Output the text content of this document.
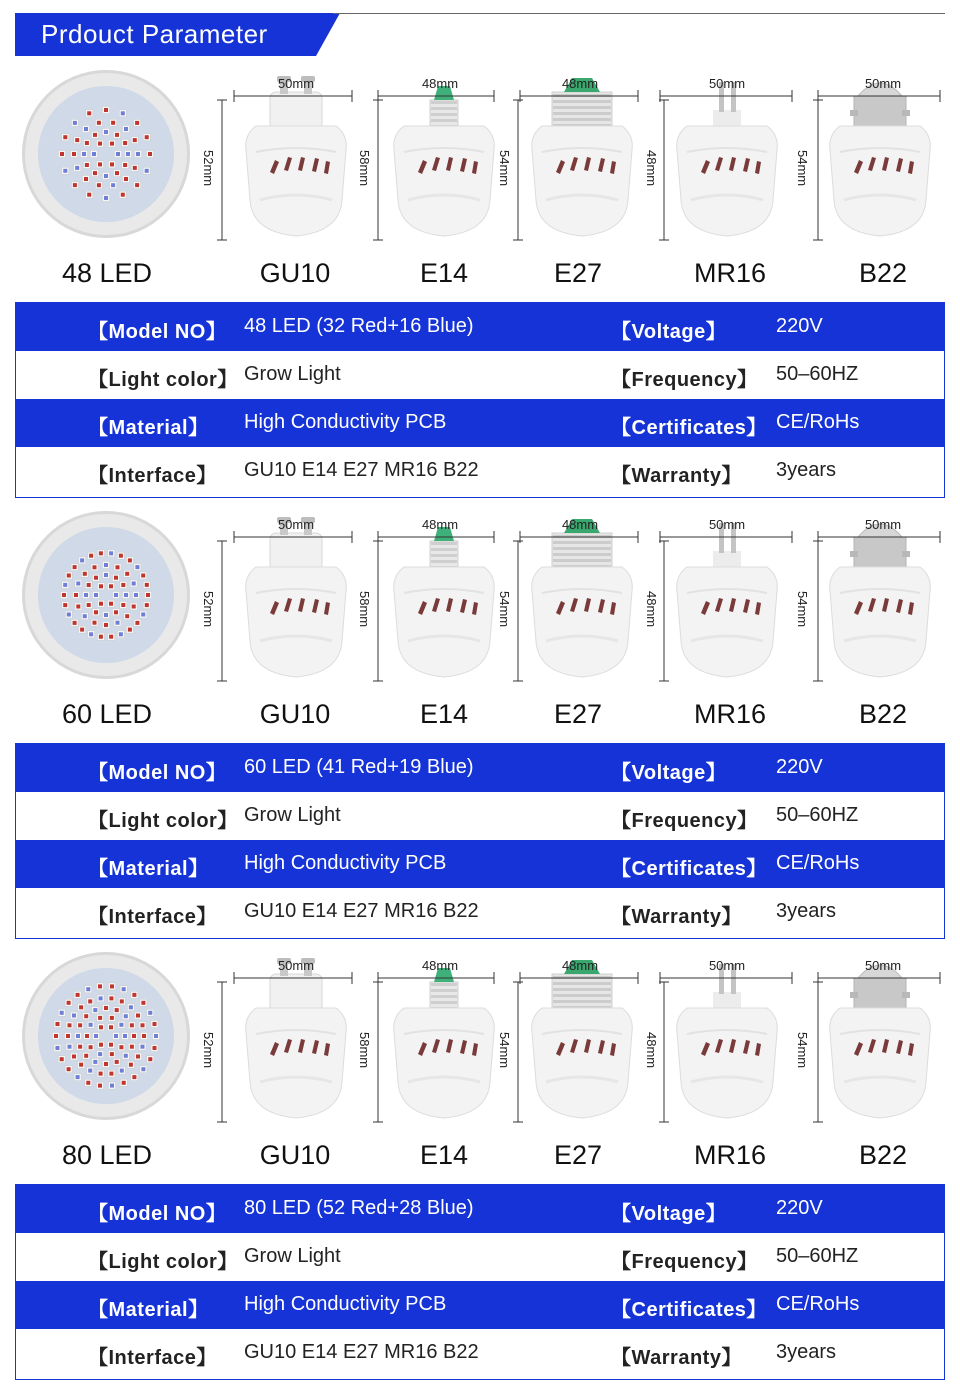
Prdouct Parameter
48 LED
50mm
52mm
GU10
48mm
58mm
E14
48mm
54mm
E27
50mm
48mm
MR16
50mm
54mm
B22
【Model NO】 48 LED (32 Red+16 Blue)	【Voltage】 220V
【Light color】 Grow Light	【Frequency】 50–60HZ
【Material】 High Conductivity PCB	【Certificates】 CE/RoHs
【Interface】 GU10 E14 E27 MR16 B22	【Warranty】 3years
60 LED
50mm
52mm
GU10
48mm
58mm
E14
48mm
54mm
E27
50mm
48mm
MR16
50mm
54mm
B22
【Model NO】 60 LED (41 Red+19 Blue)	【Voltage】 220V
【Light color】 Grow Light	【Frequency】 50–60HZ
【Material】 High Conductivity PCB	【Certificates】 CE/RoHs
【Interface】 GU10 E14 E27 MR16 B22	【Warranty】 3years
80 LED
50mm
52mm
GU10
48mm
58mm
E14
48mm
54mm
E27
50mm
48mm
MR16
50mm
54mm
B22
【Model NO】 80 LED (52 Red+28 Blue)	【Voltage】 220V
【Light color】 Grow Light	【Frequency】 50–60HZ
【Material】 High Conductivity PCB	【Certificates】 CE/RoHs
【Interface】 GU10 E14 E27 MR16 B22	【Warranty】 3years
